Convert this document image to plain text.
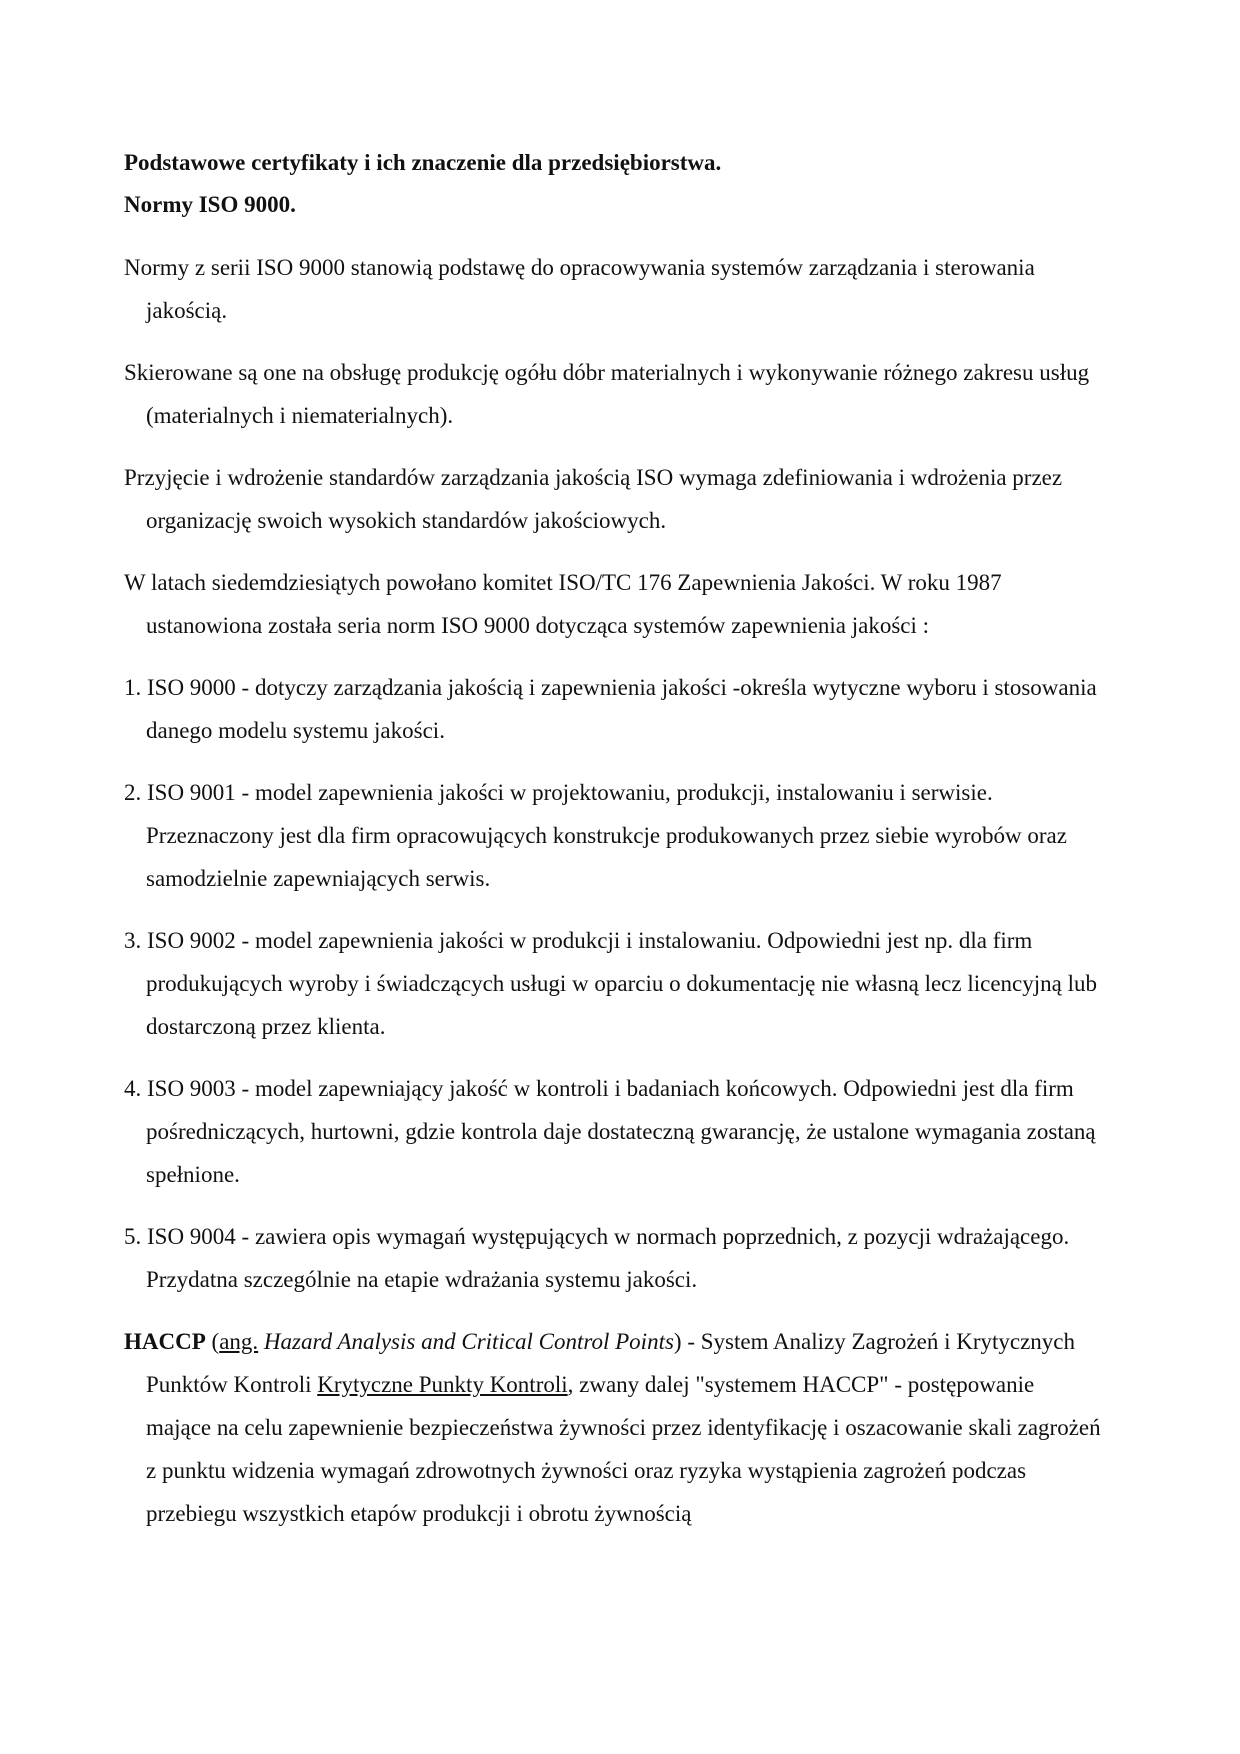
Podstawowe certyfikaty i ich znaczenie dla przedsiębiorstwa.

Normy ISO 9000.

Normy z serii ISO 9000 stanowią podstawę do opracowywania systemów zarządzania i sterowania jakością.

Skierowane są one na obsługę produkcję ogółu dóbr materialnych i wykonywanie różnego zakresu usług (materialnych i niematerialnych).

Przyjęcie i wdrożenie standardów zarządzania jakością ISO wymaga zdefiniowania i wdrożenia przez organizację swoich wysokich standardów jakościowych.

W latach siedemdziesiątych powołano komitet ISO/TC 176 Zapewnienia Jakości. W roku 1987 ustanowiona została seria norm ISO 9000 dotycząca systemów zapewnienia jakości :

1. ISO 9000 - dotyczy zarządzania jakością i zapewnienia jakości -określa wytyczne wyboru i stosowania danego modelu systemu jakości.

2. ISO 9001 - model zapewnienia jakości w projektowaniu, produkcji, instalowaniu i serwisie. Przeznaczony jest dla firm opracowujących konstrukcje produkowanych przez siebie wyrobów oraz samodzielnie zapewniających serwis.

3. ISO 9002 - model zapewnienia jakości w produkcji i instalowaniu. Odpowiedni jest np. dla firm produkujących wyroby i świadczących usługi w oparciu o dokumentację nie własną lecz licencyjną lub dostarczoną przez klienta.

4. ISO 9003 - model zapewniający jakość w kontroli i badaniach końcowych. Odpowiedni jest dla firm pośredniczących, hurtowni, gdzie kontrola daje dostateczną gwarancję, że ustalone wymagania zostaną spełnione.

5. ISO 9004 - zawiera opis wymagań występujących w normach poprzednich, z pozycji wdrażającego. Przydatna szczególnie na etapie wdrażania systemu jakości.

HACCP (ang. Hazard Analysis and Critical Control Points) - System Analizy Zagrożeń i Krytycznych Punktów Kontroli Krytyczne Punkty Kontroli, zwany dalej "systemem HACCP" - postępowanie mające na celu zapewnienie bezpieczeństwa żywności przez identyfikację i oszacowanie skali zagrożeń z punktu widzenia wymagań zdrowotnych żywności oraz ryzyka wystąpienia zagrożeń podczas przebiegu wszystkich etapów produkcji i obrotu żywnością
